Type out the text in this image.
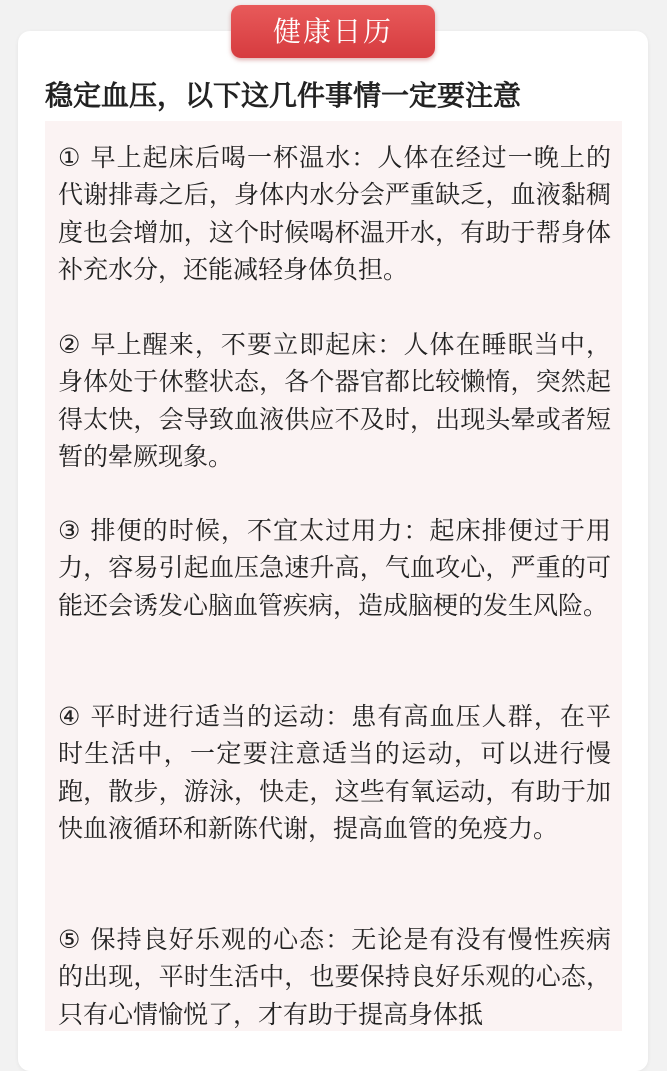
健康日历
稳定血压，以下这几件事情一定要注意

① 早上起床后喝一杯温水：人体在经过一晚上的代谢排毒之后，身体内水分会严重缺乏，血液黏稠度也会增加，这个时候喝杯温开水，有助于帮身体补充水分，还能减轻身体负担。

② 早上醒来，不要立即起床：人体在睡眠当中，身体处于休整状态，各个器官都比较懒惰，突然起得太快，会导致血液供应不及时，出现头晕或者短暂的晕厥现象。

③ 排便的时候，不宜太过用力：起床排便过于用力，容易引起血压急速升高，气血攻心，严重的可能还会诱发心脑血管疾病，造成脑梗的发生风险。

④ 平时进行适当的运动：患有高血压人群，在平时生活中，一定要注意适当的运动，可以进行慢跑，散步，游泳，快走，这些有氧运动，有助于加快血液循环和新陈代谢，提高血管的免疫力。

⑤ 保持良好乐观的心态：无论是有没有慢性疾病的出现，平时生活中，也要保持良好乐观的心态，只有心情愉悦了，才有助于提高身体抵
